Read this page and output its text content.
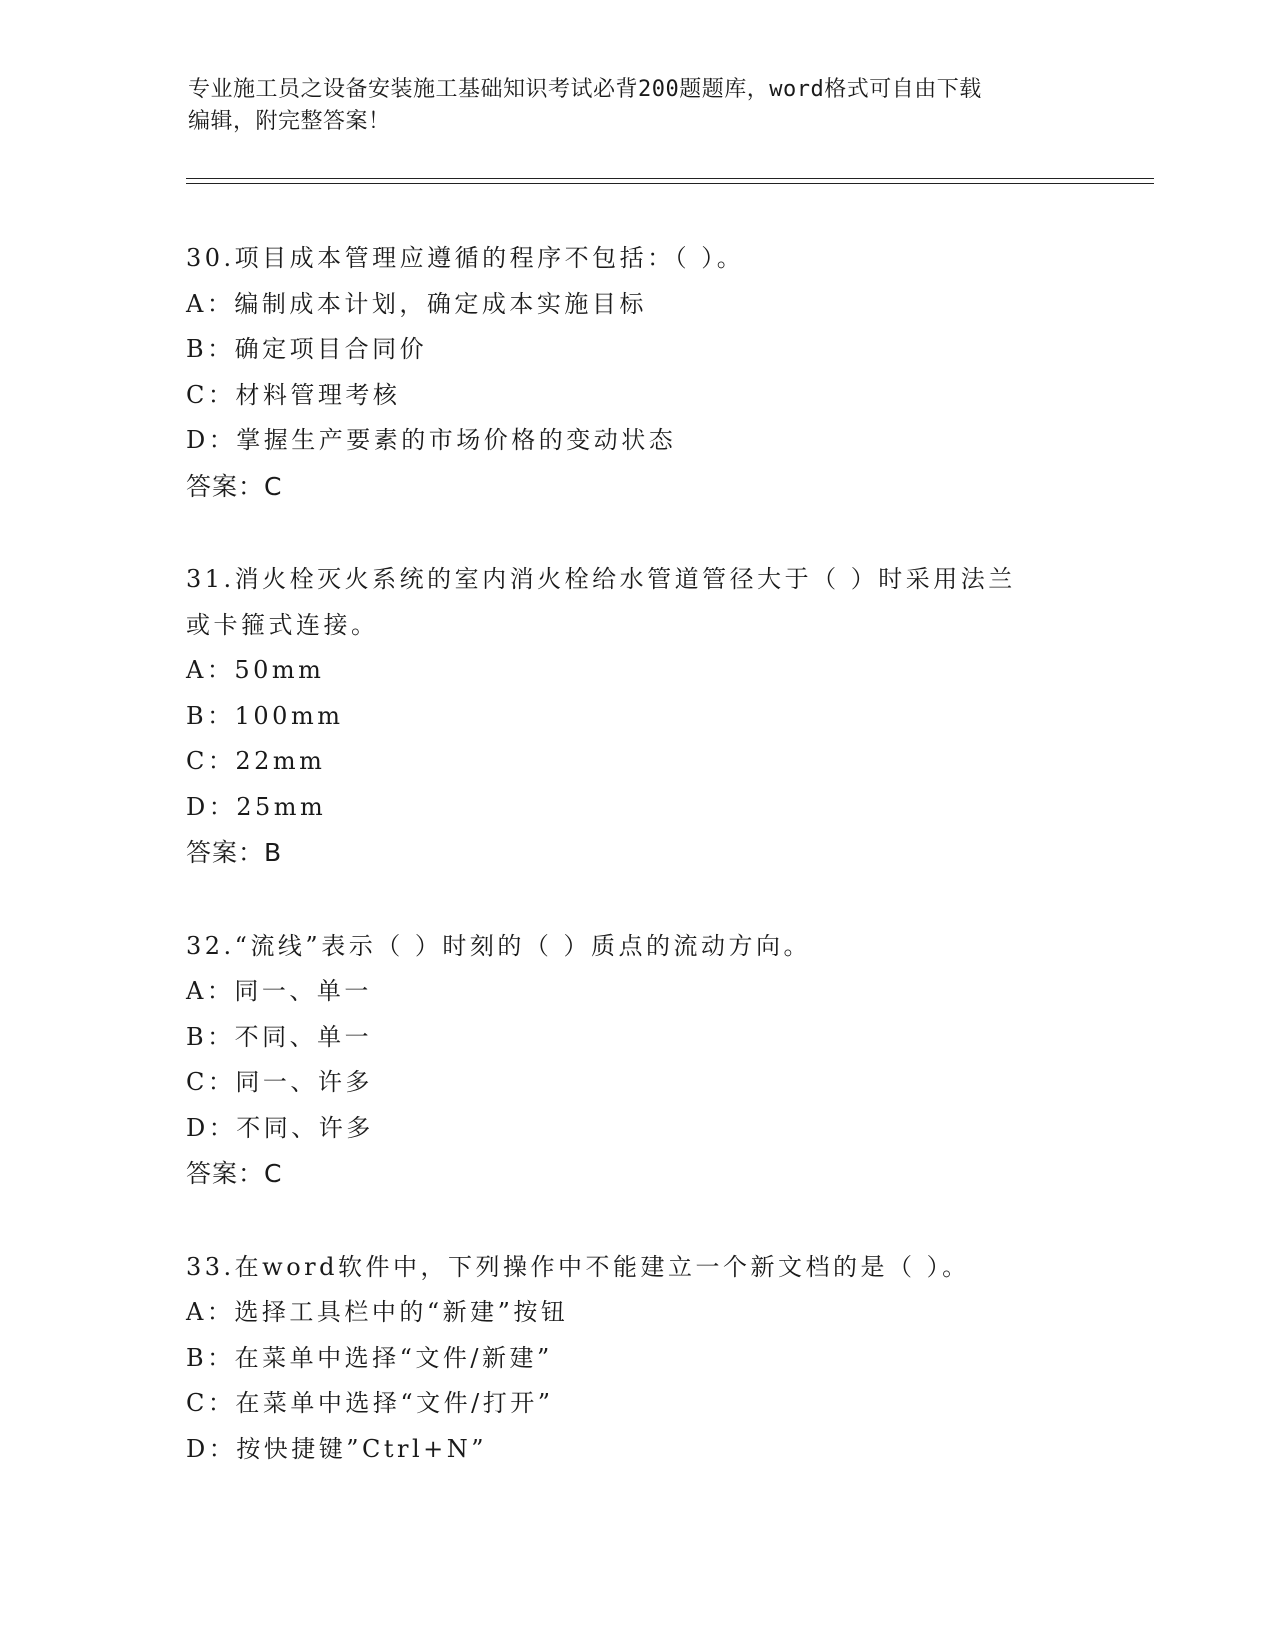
专业施工员之设备安装施工基础知识考试必背200题题库，word格式可自由下载
编辑，附完整答案！

30.项目成本管理应遵循的程序不包括：（ ）。

A：编制成本计划，确定成本实施目标

B：确定项目合同价

C：材料管理考核

D：掌握生产要素的市场价格的变动状态

答案：C

31.消火栓灭火系统的室内消火栓给水管道管径大于（ ）时采用法兰

或卡箍式连接。

A：50mm

B：100mm

C：22mm

D：25mm

答案：B

32.“流线”表示（ ）时刻的（ ）质点的流动方向。

A：同一、单一

B：不同、单一

C：同一、许多

D：不同、许多

答案：C

33.在word软件中，下列操作中不能建立一个新文档的是（ ）。

A：选择工具栏中的“新建”按钮

B：在菜单中选择“文件/新建”

C：在菜单中选择“文件/打开”

D：按快捷键”Ctrl+N”
